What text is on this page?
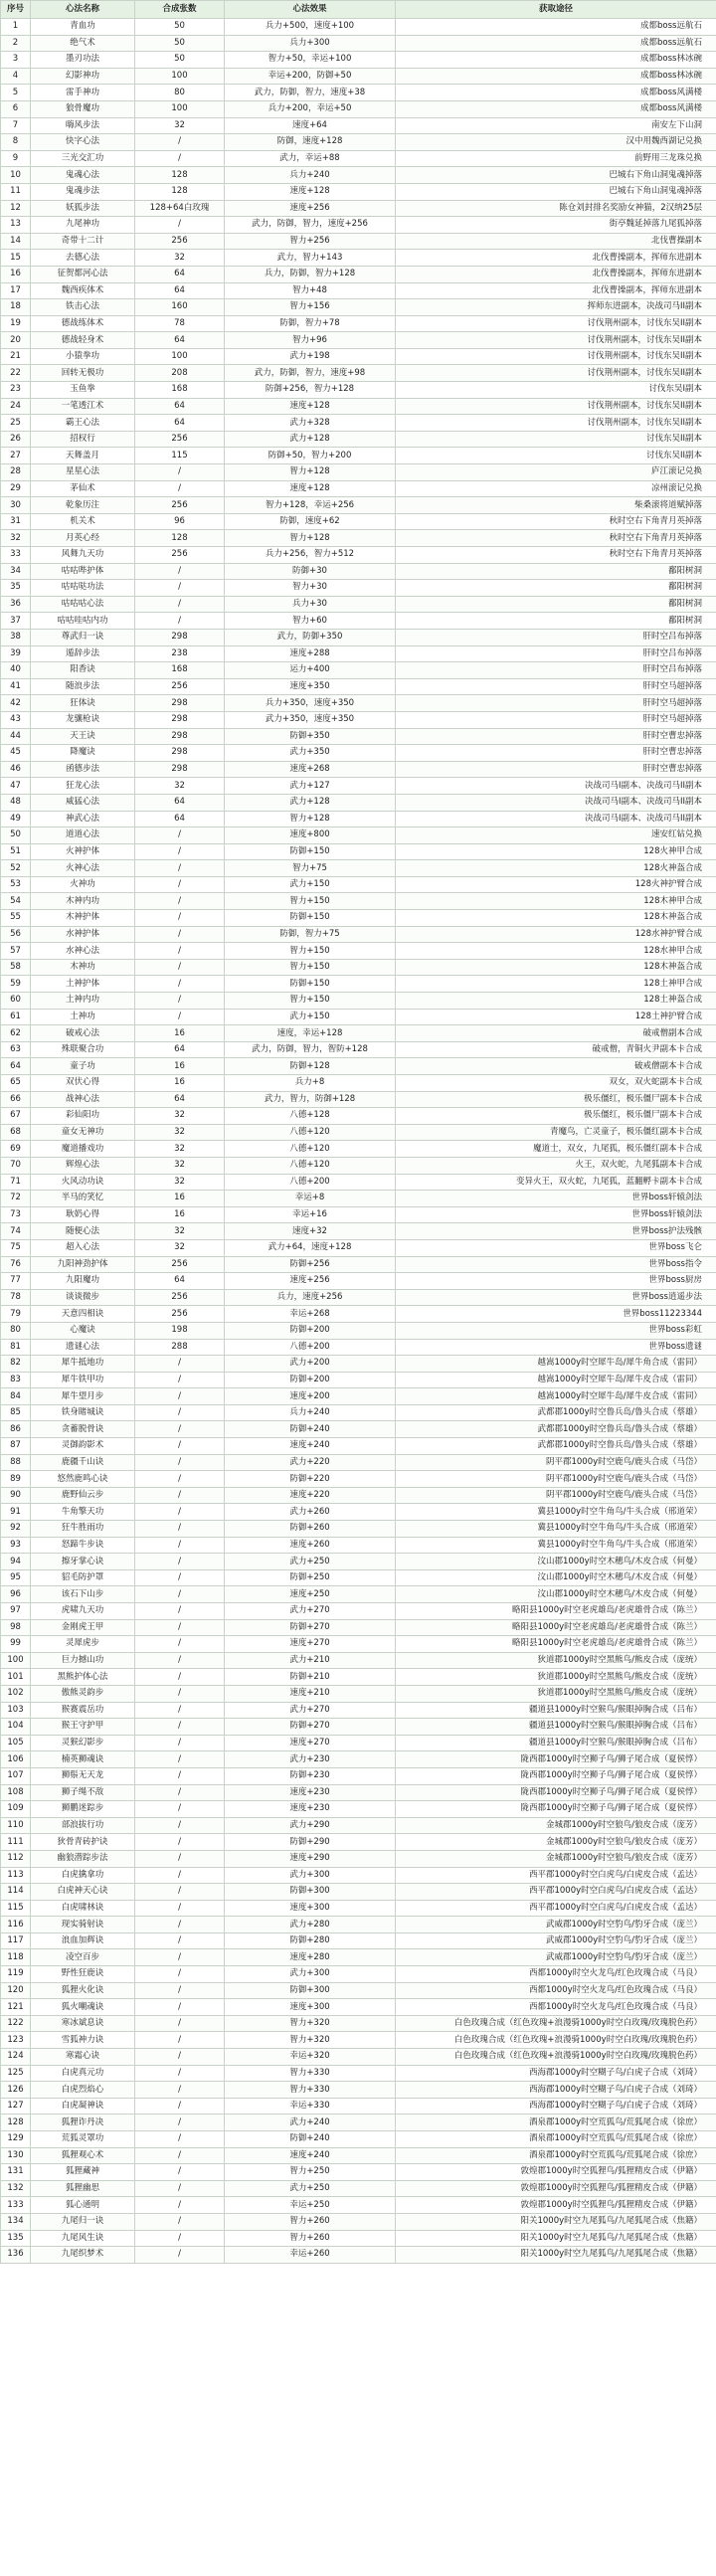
序号	心法名称	合成张数	心法效果	获取途径
1	青血功	50	兵力+500，速度+100	成都boss远航石
2	绝气术	50	兵力+300	成都boss远航石
3	墨刃功法	50	智力+50，幸运+100	成都boss林冰碗
4	幻影神功	100	幸运+200，防御+50	成都boss林冰碗
5	雷手神功	80	武力，防御，智力，速度+38	成都boss风满楼
6	狼骨魔功	100	兵力+200，幸运+50	成都boss风满楼
7	嗨风步法	32	速度+64	南安左下山洞
8	快字心法	/	防御，速度+128	汉中用魏西湖记兑换
9	三光交汇功	/	武力，幸运+88	前野用三龙珠兑换
10	鬼魂心法	128	兵力+240	巴城右下角山洞鬼魂掉落
11	鬼魂步法	128	速度+128	巴城右下角山洞鬼魂掉落
12	妖狐步法	128+64白玫瑰	速度+256	陈仓刘封排名奖励女神猫，2汉纳25层
13	九尾神功	/	武力，防御，智力，速度+256	街亭魏延掉落九尾狐掉落
14	奇带十二计	256	智力+256	北伐曹操副本
15	去德心法	32	武力，智力+143	北伐曹操副本，挥师东进副本
16	征贺都河心法	64	兵力，防御，智力+128	北伐曹操副本，挥师东进副本
17	魏西疾体术	64	智力+48	北伐曹操副本，挥师东进副本
18	铁击心法	160	智力+156	挥师东进副本，决战司马II副本
19	德战练体术	78	防御，智力+78	讨伐荆州副本，讨伐东吴II副本
20	德战轻身术	64	智力+96	讨伐荆州副本，讨伐东吴II副本
21	小猿拳功	100	武力+198	讨伐荆州副本，讨伐东吴II副本
22	回转无极功	208	武力，防御，智力，速度+98	讨伐荆州副本，讨伐东吴II副本
23	玉鱼拳	168	防御+256，智力+128	讨伐东吴I副本
24	一笔透江术	64	速度+128	讨伐荆州副本，讨伐东吴II副本
25	霸王心法	64	武力+328	讨伐荆州副本，讨伐东吴II副本
26	招权行	256	武力+128	讨伐东吴II副本
27	天舞盖月	115	防御+50，智力+200	讨伐东吴II副本
28	星星心法	/	智力+128	庐江滚记兑换
29	茅仙术	/	速度+128	凉州滚记兑换
30	乾象历注	256	智力+128，幸运+256	柴桑滚将道赋掉落
31	机关术	96	防御，速度+62	秋时空右下角青月英掉落
32	月英心经	128	智力+128	秋时空右下角青月英掉落
33	风舞九天功	256	兵力+256，智力+512	秋时空右下角青月英掉落
34	咕咕哔护体	/	防御+30	鄱阳树洞
35	咕咕哒功法	/	智力+30	鄱阳树洞
36	咕咕咕心法	/	兵力+30	鄱阳树洞
37	咕咕哇咕内功	/	智力+60	鄱阳树洞
38	尊武归一诀	298	武力，防御+350	肝时空吕布掉落
39	遁辞步法	238	速度+288	肝时空吕布掉落
40	阳香诀	168	运力+400	肝时空吕布掉落
41	随浪步法	256	速度+350	肝时空马超掉落
42	狂体诀	298	兵力+350，速度+350	肝时空马超掉落
43	龙骧枪诀	298	武力+350，速度+350	肝时空马超掉落
44	天王诀	298	防御+350	肝时空曹忠掉落
45	降魔诀	298	武力+350	肝时空曹忠掉落
46	函德步法	298	速度+268	肝时空曹忠掉落
47	狂龙心法	32	武力+127	决战司马I副本、决战司马II副本
48	威猛心法	64	武力+128	决战司马I副本、决战司马II副本
49	神武心法	64	智力+128	决战司马I副本、决战司马II副本
50	道道心法	/	速度+800	速安红钻兑换
51	火神护体	/	防御+150	128火神甲合成
52	火神心法	/	智力+75	128火神盔合成
53	火神功	/	武力+150	128火神护臂合成
54	木神内功	/	智力+150	128木神甲合成
55	木神护体	/	防御+150	128木神盔合成
56	水神护体	/	防御，智力+75	128水神护臂合成
57	水神心法	/	智力+150	128水神甲合成
58	木神功	/	智力+150	128木神盔合成
59	土神护体	/	防御+150	128土神甲合成
60	土神内功	/	智力+150	128土神盔合成
61	土神功	/	武力+150	128土神护臂合成
62	破戒心法	16	速度，幸运+128	破戒僧副本合成
63	殊联聚合功	64	武力，防御，智力，智防+128	破戒僧，青铜火尹副本卡合成
64	童子功	16	防御+128	破戒僧副本卡合成
65	双伏心得	16	兵力+8	双女，双火蛇副本卡合成
66	战神心法	64	武力，智力，防御+128	极乐僵红，极乐僵尸副本卡合成
67	彩仙阳功	32	八德+128	极乐僵红，极乐僵尸副本卡合成
68	童女无神功	32	八德+120	青魔鸟，亡灵童子，极乐僵红副本卡合成
69	魔道播戏功	32	八德+120	魔道士，双女，九尾狐，极乐僵红副本卡合成
70	辉煌心法	32	八德+120	火王，双火蛇，九尾狐副本卡合成
71	火风动功诀	32	八德+200	变异火王，双火蛇，九尾狐，蓝翻孵卡副本卡合成
72	半马的笑忆	16	幸运+8	世界boss轩辕剑法
73	耿奶心得	16	幸运+16	世界boss轩辕剑法
74	随便心法	32	速度+32	世界boss护法残骸
75	超入心法	32	武力+64，速度+128	世界boss飞仑
76	九阳神劲护体	256	防御+256	世界boss指令
77	九阳魔功	64	速度+256	世界boss厨房
78	谈谈微步	256	兵力，速度+256	世界boss逍遥步法
79	天意四相诀	256	幸运+268	世界boss11223344
80	心魔诀	198	防御+200	世界boss彩虹
81	遗谜心法	288	八德+200	世界boss遗谜
82	犀牛抵地功	/	武力+200	越嵩1000y时空犀牛岛/犀牛角合成（雷同）
83	犀牛铁甲功	/	防御+200	越嵩1000y时空犀牛岛/犀牛皮合成（雷同）
84	犀牛望月步	/	速度+200	越嵩1000y时空犀牛岛/犀牛皮合成（雷同）
85	铁身睹城诀	/	兵力+240	武都郡1000y时空鲁兵岛/鲁头合成（蔡雄）
86	贪蓄脱骨诀	/	防御+240	武都郡1000y时空鲁兵岛/鲁头合成（蔡雄）
87	灵御韵影术	/	速度+240	武都郡1000y时空鲁兵岛/鲁头合成（蔡雄）
88	鹿疆千山诀	/	武力+220	阴平郡1000y时空鹿鸟/鹿头合成（马岱）
89	悠然鹿鸣心诀	/	防御+220	阴平郡1000y时空鹿鸟/鹿头合成（马岱）
90	鹿野仙云步	/	速度+220	阴平郡1000y时空鹿鸟/鹿头合成（马岱）
91	牛角擎天功	/	武力+260	冀县1000y时空牛角鸟/牛头合成（邢道荣）
92	狂牛胜雨功	/	防御+260	冀县1000y时空牛角鸟/牛头合成（邢道荣）
93	怒蹄牛步诀	/	速度+260	冀县1000y时空牛角鸟/牛头合成（邢道荣）
94	擦牙掌心诀	/	武力+250	汶山郡1000y时空木穗鸟/木皮合成（何曼）
95	貂毛防护罩	/	防御+250	汶山郡1000y时空木穗鸟/木皮合成（何曼）
96	该石下山步	/	速度+250	汶山郡1000y时空木穗鸟/木皮合成（何曼）
97	虎啸九天功	/	武力+270	略阳县1000y时空老虎雄岛/老虎雄骨合成（陈兰）
98	金刚虎王甲	/	防御+270	略阳县1000y时空老虎雄岛/老虎雄骨合成（陈兰）
99	灵犀虎步	/	速度+270	略阳县1000y时空老虎雄岛/老虎雄骨合成（陈兰）
100	巨力撼山功	/	武力+210	狄道郡1000y时空黑熊鸟/熊皮合成（庞统）
101	黑熊护体心法	/	防御+210	狄道郡1000y时空黑熊鸟/熊皮合成（庞统）
102	傲熊灵韵步	/	速度+210	狄道郡1000y时空黑熊鸟/熊皮合成（庞统）
103	猴赛震岳功	/	武力+270	疆道县1000y时空猴鸟/猴眼掉胸合成（吕布）
104	猴王守护甲	/	防御+270	疆道县1000y时空猴鸟/猴眼掉胸合成（吕布）
105	灵猴幻影步	/	速度+270	疆道县1000y时空猴鸟/猴眼掉胸合成（吕布）
106	楠英狮魂诀	/	武力+230	陇西郡1000y时空狮子鸟/狮子尾合成（夏侯惇）
107	狮鬃无天龙	/	防御+230	陇西郡1000y时空狮子鸟/狮子尾合成（夏侯惇）
108	狮子绳不敌	/	速度+230	陇西郡1000y时空狮子鸟/狮子尾合成（夏侯惇）
109	狮鹏迷踪步	/	速度+230	陇西郡1000y时空狮子鸟/狮子尾合成（夏侯惇）
110	部浪拔行功	/	武力+290	金城郡1000y时空狼鸟/狼皮合成（庞芳）
111	狄骨青砖护诀	/	防御+290	金城郡1000y时空狼鸟/狼皮合成（庞芳）
112	幽狼潜踪步法	/	速度+290	金城郡1000y时空狼鸟/狼皮合成（庞芳）
113	白虎擒拿功	/	武力+300	西平郡1000y时空白虎鸟/白虎皮合成（孟达）
114	白虎神天心诀	/	防御+300	西平郡1000y时空白虎鸟/白虎皮合成（孟达）
115	白虎啸林诀	/	速度+300	西平郡1000y时空白虎鸟/白虎皮合成（孟达）
116	现实骑射诀	/	武力+280	武威郡1000y时空豹鸟/豹牙合成（庞兰）
117	浪血加辉诀	/	防御+280	武威郡1000y时空豹鸟/豹牙合成（庞兰）
118	凌空百步	/	速度+280	武威郡1000y时空豹鸟/豹牙合成（庞兰）
119	野性狂鹿诀	/	武力+300	西都1000y时空火龙鸟/红色玫瑰合成（马良）
120	狐狸火化诀	/	防御+300	西都1000y时空火龙鸟/红色玫瑰合成（马良）
121	狐火嘲魂诀	/	速度+300	西都1000y时空火龙鸟/红色玫瑰合成（马良）
122	寒冰斌息诀	/	智力+320	白色玫瑰合成（红色玫瑰+浪漫骑1000y时空白玫瑰/玫瑰脱色药）
123	雪狐神力诀	/	智力+320	白色玫瑰合成（红色玫瑰+浪漫骑1000y时空白玫瑰/玫瑰脱色药）
124	寒霜心诀	/	幸运+320	白色玫瑰合成（红色玫瑰+浪漫骑1000y时空白玫瑰/玫瑰脱色药）
125	白虎真元功	/	智力+330	西海郡1000y时空糊子鸟/白虎子合成（刘琦）
126	白虎烈焰心	/	智力+330	西海郡1000y时空糊子鸟/白虎子合成（刘琦）
127	白虎凝神诀	/	幸运+330	西海郡1000y时空糊子鸟/白虎子合成（刘琦）
128	狐狸诈丹决	/	武力+240	酒泉郡1000y时空荒狐鸟/荒狐尾合成（徐庶）
129	荒狐灵罩功	/	防御+240	酒泉郡1000y时空荒狐鸟/荒狐尾合成（徐庶）
130	狐狸观心术	/	速度+240	酒泉郡1000y时空荒狐鸟/荒狐尾合成（徐庶）
131	狐狸藏神	/	智力+250	敦煌郡1000y时空狐狸鸟/狐狸精皮合成（伊籍）
132	狐狸幽思	/	武力+250	敦煌郡1000y时空狐狸鸟/狐狸精皮合成（伊籍）
133	狐心通明	/	幸运+250	敦煌郡1000y时空狐狸鸟/狐狸精皮合成（伊籍）
134	九尾归一诀	/	智力+260	阳关1000y时空九尾狐鸟/九尾狐尾合成（焦籍）
135	九尾风生诀	/	智力+260	阳关1000y时空九尾狐鸟/九尾狐尾合成（焦籍）
136	九尾织梦术	/	幸运+260	阳关1000y时空九尾狐鸟/九尾狐尾合成（焦籍）
